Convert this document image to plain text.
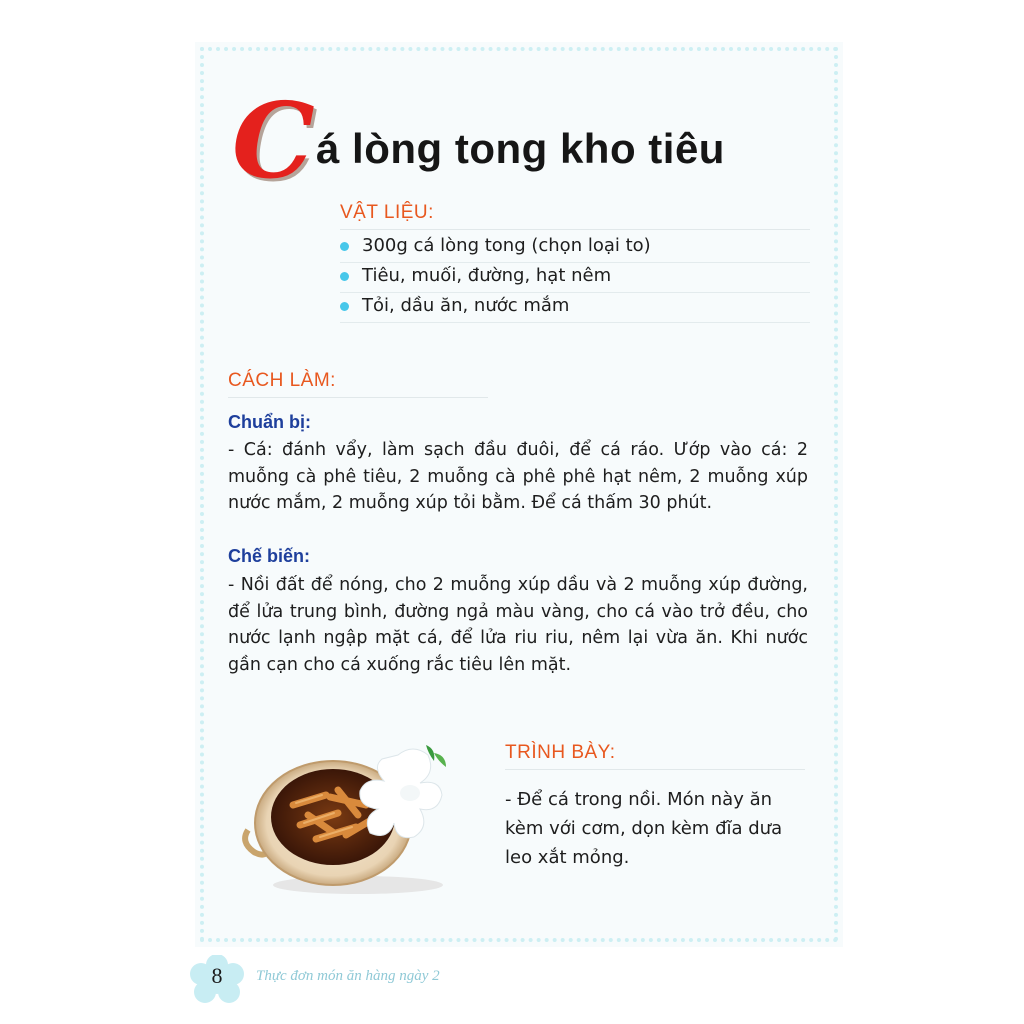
C á lòng tong kho tiêu
VẬT LIỆU:
300g cá lòng tong (chọn loại to)
Tiêu, muối, đường, hạt nêm
Tỏi, dầu ăn, nước mắm
CÁCH LÀM:
Chuẩn bị:

- Cá: đánh vẩy, làm sạch đầu đuôi, để cá ráo. Ướp vào cá: 2 muỗng cà phê tiêu, 2 muỗng cà phê phê hạt nêm, 2 muỗng xúp nước mắm, 2 muỗng xúp tỏi bằm. Để cá thấm 30 phút.

Chế biến:

- Nồi đất để nóng, cho 2 muỗng xúp dầu và 2 muỗng xúp đường, để lửa trung bình, đường ngả màu vàng, cho cá vào trở đều, cho nước lạnh ngập mặt cá, để lửa riu riu, nêm lại vừa ăn. Khi nước gần cạn cho cá xuống rắc tiêu lên mặt.

TRÌNH BÀY:

- Để cá trong nồi. Món này ăn kèm với cơm, dọn kèm đĩa dưa leo xắt mỏng.

8	Thực đơn món ăn hàng ngày 2
